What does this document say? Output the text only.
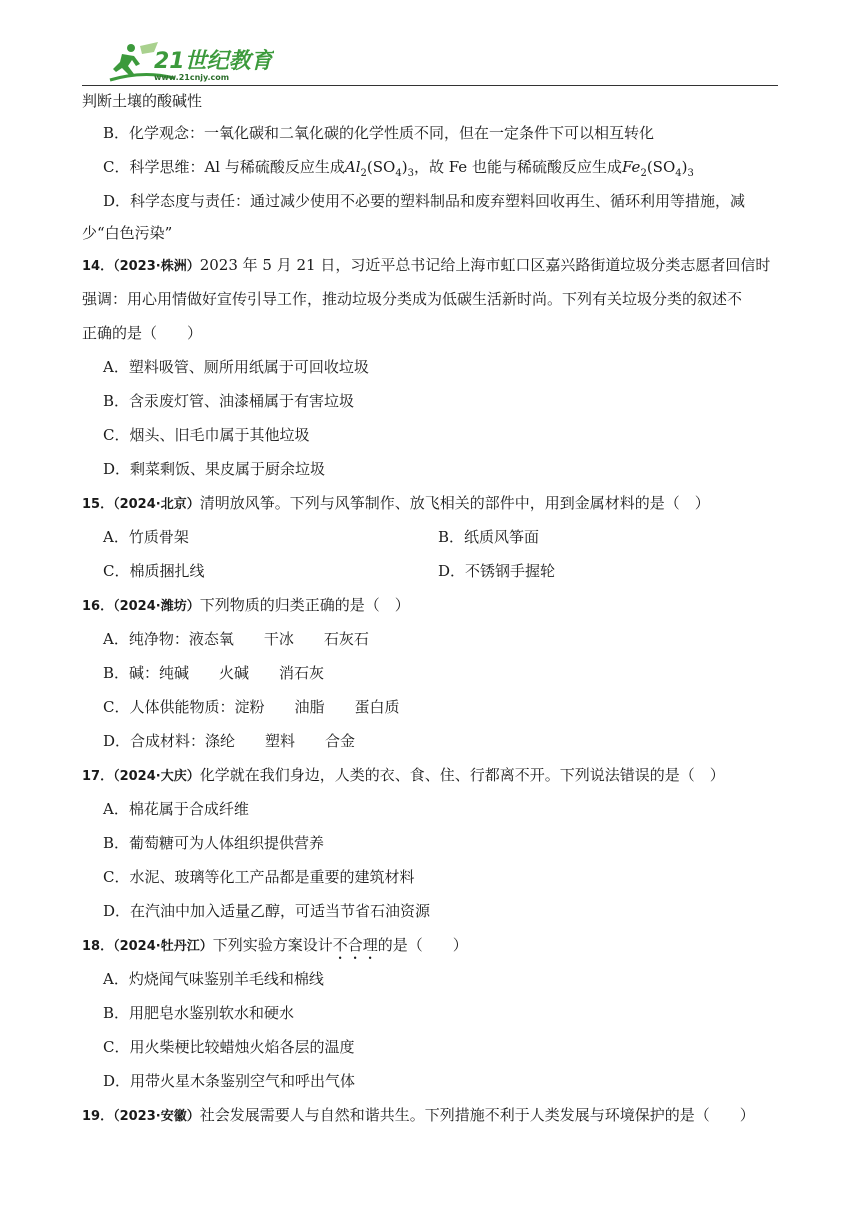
21世纪教育
www.21cnjy.com
判断土壤的酸碱性
B．化学观念：一氧化碳和二氧化碳的化学性质不同，但在一定条件下可以相互转化
C．科学思维：Al 与稀硫酸反应生成$Al_2(SO_4)_3$，故 Fe 也能与稀硫酸反应生成$Fe_2(SO_4)_3$
D．科学态度与责任：通过减少使用不必要的塑料制品和废弃塑料回收再生、循环利用等措施，减
少“白色污染”
14．（2023·株洲）2023 年 5 月 21 日，习近平总书记给上海市虹口区嘉兴路街道垃圾分类志愿者回信时
强调：用心用情做好宣传引导工作，推动垃圾分类成为低碳生活新时尚。下列有关垃圾分类的叙述不
正确的是（　　）
A．塑料吸管、厕所用纸属于可回收垃圾
B．含汞废灯管、油漆桶属于有害垃圾
C．烟头、旧毛巾属于其他垃圾
D．剩菜剩饭、果皮属于厨余垃圾
15．（2024·北京）清明放风筝。下列与风筝制作、放飞相关的部件中，用到金属材料的是（　）
A．竹质骨架	B．纸质风筝面
C．棉质捆扎线	D．不锈钢手握轮
16．（2024·潍坊）下列物质的归类正确的是（　）
A．纯净物：液态氧　　干冰　　石灰石
B．碱：纯碱　　火碱　　消石灰
C．人体供能物质：淀粉　　油脂　　蛋白质
D．合成材料：涤纶　　塑料　　合金
17．（2024·大庆）化学就在我们身边，人类的衣、食、住、行都离不开。下列说法错误的是（　）
A．棉花属于合成纤维
B．葡萄糖可为人体组织提供营养
C．水泥、玻璃等化工产品都是重要的建筑材料
D．在汽油中加入适量乙醇，可适当节省石油资源
18．（2024·牡丹江）下列实验方案设计不合理的是（　　）
A．灼烧闻气味鉴别羊毛线和棉线
B．用肥皂水鉴别软水和硬水
C．用火柴梗比较蜡烛火焰各层的温度
D．用带火星木条鉴别空气和呼出气体
19．（2023·安徽）社会发展需要人与自然和谐共生。下列措施不利于人类发展与环境保护的是（　　）
